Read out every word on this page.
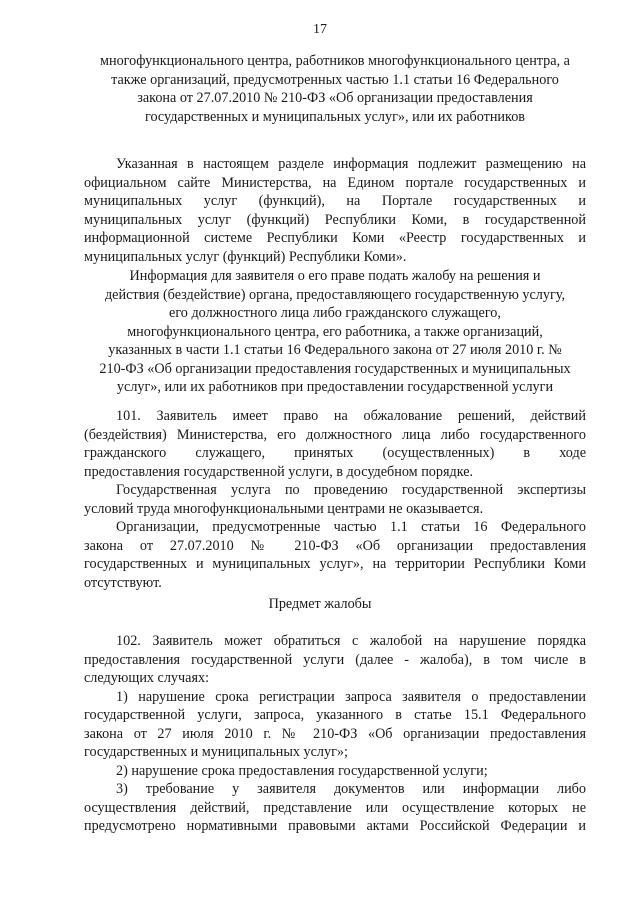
17
многофункционального центра, работников многофункционального центра, а
также организаций, предусмотренных частью 1.1 статьи 16 Федерального
закона от 27.07.2010 № 210-ФЗ «Об организации предоставления
государственных и муниципальных услуг», или их работников
Указанная в настоящем разделе информация подлежит размещению на
официальном сайте Министерства, на Едином портале государственных и
муниципальных услуг (функций), на Портале государственных и
муниципальных услуг (функций) Республики Коми, в государственной
информационной системе Республики Коми «Реестр государственных и
муниципальных услуг (функций) Республики Коми».
Информация для заявителя о его праве подать жалобу на решения и
действия (бездействие) органа, предоставляющего государственную услугу,
его должностного лица либо гражданского служащего,
многофункционального центра, его работника, а также организаций,
указанных в части 1.1 статьи 16 Федерального закона от 27 июля 2010 г. №
210-ФЗ «Об организации предоставления государственных и муниципальных
услуг», или их работников при предоставлении государственной услуги
101. Заявитель имеет право на обжалование решений, действий
(бездействия) Министерства, его должностного лица либо государственного
гражданского служащего, принятых (осуществленных) в ходе
предоставления государственной услуги, в досудебном порядке.
Государственная услуга по проведению государственной экспертизы
условий труда многофункциональными центрами не оказывается.
Организации, предусмотренные частью 1.1 статьи 16 Федерального
закона от 27.07.2010 № 210-ФЗ «Об организации предоставления
государственных и муниципальных услуг», на территории Республики Коми
отсутствуют.
Предмет жалобы
102. Заявитель может обратиться с жалобой на нарушение порядка
предоставления государственной услуги (далее - жалоба), в том числе в
следующих случаях:
1) нарушение срока регистрации запроса заявителя о предоставлении
государственной услуги, запроса, указанного в статье 15.1 Федерального
закона от 27 июля 2010 г. № 210-ФЗ «Об организации предоставления
государственных и муниципальных услуг»;
2) нарушение срока предоставления государственной услуги;
3) требование у заявителя документов или информации либо
осуществления действий, представление или осуществление которых не
предусмотрено нормативными правовыми актами Российской Федерации и
